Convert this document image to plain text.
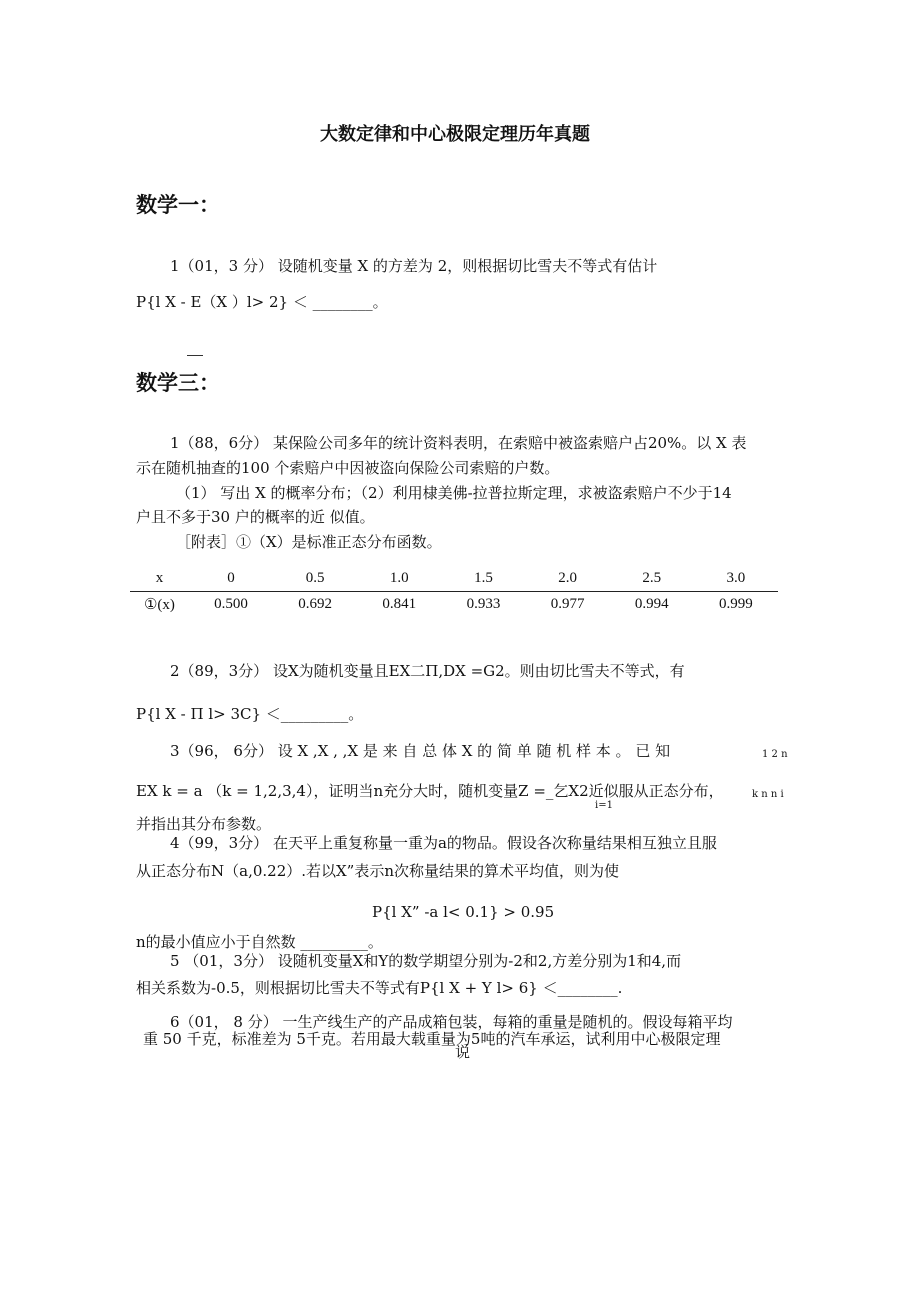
大数定律和中心极限定理历年真题
数学一：
1（01，3 分） 设随机变量 X 的方差为 2，则根据切比雪夫不等式有估计
P{l X - E（X ）l> 2} ＜ ________。
数学三：
1（88，6分） 某保险公司多年的统计资料表明，在索赔中被盗索赔户占20%。以 X 表
示在随机抽查的100 个索赔户中因被盗向保险公司索赔的户数。
（1） 写出 X 的概率分布；（2）利用棣美佛-拉普拉斯定理，求被盗索赔户不少于14
户且不多于30 户的概率的近 似值。
［附表］①（X）是标准正态分布函数。
x	0	0.5	1.0	1.5	2.0	2.5	3.0
①(x)	0.500	0.692	0.841	0.933	0.977	0.994	0.999
2（89，3分） 设X为随机变量且EX二Π,DX =G2。则由切比雪夫不等式，有
P{l X - Π l> 3C} ＜_________。
3（96， 6分） 设 X ,X , ,X 是 来 自 总 体 X 的 简 单 随 机 样 本 。 已 知	1 2 n
EX k = a （k = 1,2,3,4），证明当n充分大时，随机变量Z =_乞X2近似服从正态分布，	k n n i
i=1
并指出其分布参数。
4（99，3分） 在天平上重复称量一重为a的物品。假设各次称量结果相互独立且服
从正态分布N（a,0.22）.若以X”表示n次称量结果的算术平均值，则为使
P{l X” -a l< 0.1} > 0.95
n的最小值应小于自然数 _________。
5 （01，3分） 设随机变量X和Y的数学期望分别为-2和2,方差分别为1和4,而
相关系数为-0.5，则根据切比雪夫不等式有P{l X + Y l> 6} ＜________.
6（01， 8 分） 一生产线生产的产品成箱包装，每箱的重量是随机的。假设每箱平均
重 50 千克，标准差为 5千克。若用最大载重量为5吨的汽车承运，试利用中心极限定理
说
